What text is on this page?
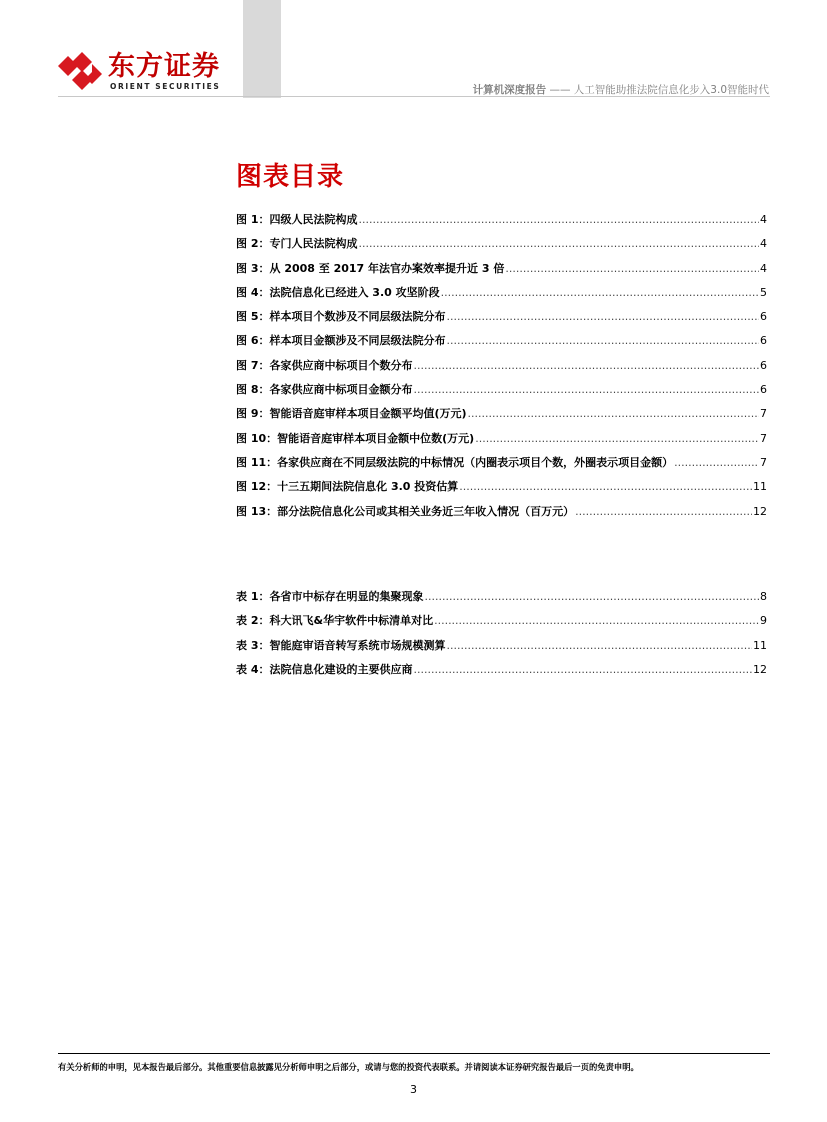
东方证券
ORIENT SECURITIES	计算机深度报告 —— 人工智能助推法院信息化步入3.0智能时代
图表目录
图 1：四级人民法院构成 .....	4
图 2：专门人民法院构成 .....	4
图 3：从 2008 至 2017 年法官办案效率提升近 3 倍 .....	4
图 4：法院信息化已经进入 3.0 攻坚阶段 .....	5
图 5：样本项目个数涉及不同层级法院分布 .....	6
图 6：样本项目金额涉及不同层级法院分布 .....	6
图 7：各家供应商中标项目个数分布 .....	6
图 8：各家供应商中标项目金额分布 .....	6
图 9：智能语音庭审样本项目金额平均值(万元) .....	7
图 10：智能语音庭审样本项目金额中位数(万元) .....	7
图 11：各家供应商在不同层级法院的中标情况（内圈表示项目个数，外圈表示项目金额） .....	7
图 12：十三五期间法院信息化 3.0 投资估算 .....	11
图 13：部分法院信息化公司或其相关业务近三年收入情况（百万元） .....	12
表 1：各省市中标存在明显的集聚现象 .....	8
表 2：科大讯飞&华宇软件中标清单对比 .....	9
表 3：智能庭审语音转写系统市场规模测算 .....	11
表 4：法院信息化建设的主要供应商 .....	12
有关分析师的申明，见本报告最后部分。其他重要信息披露见分析师申明之后部分，或请与您的投资代表联系。并请阅读本证券研究报告最后一页的免责申明。
3
